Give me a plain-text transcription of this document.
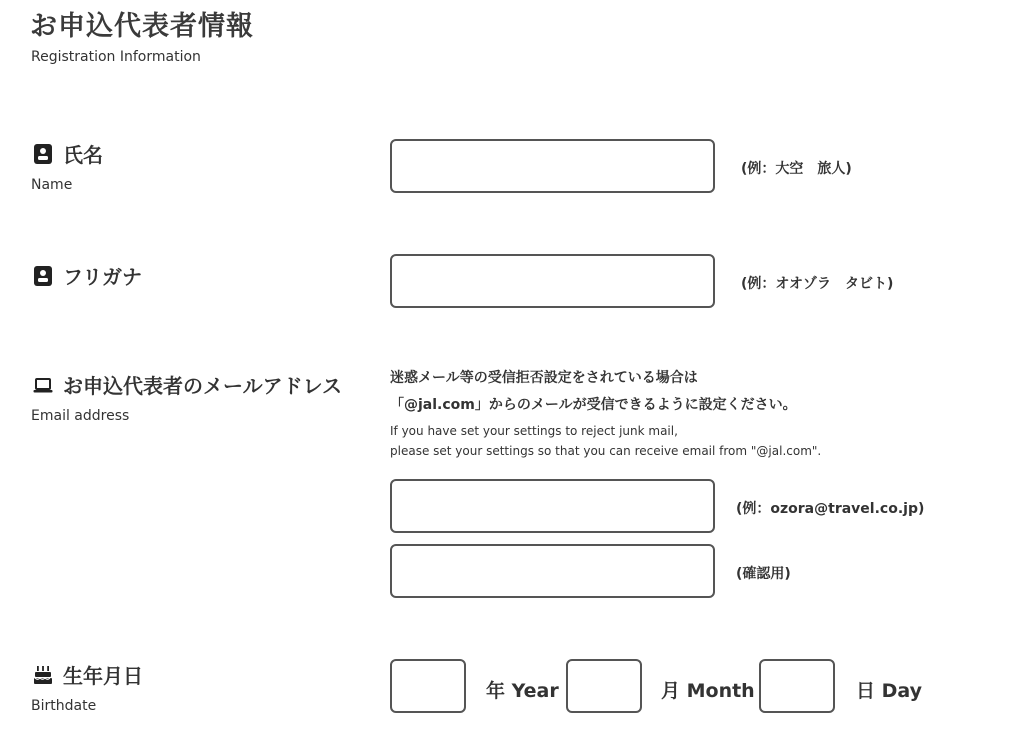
お申込代表者情報
Registration Information
氏名
Name
(例：大空　旅人)
フリガナ	(例：オオゾラ　タビト)
お申込代表者のメールアドレス
Email address
迷惑メール等の受信拒否設定をされている場合は
「@jal.com」からのメールが受信できるように設定ください。
If you have set your settings to reject junk mail,
please set your settings so that you can receive email from "@jal.com".
(例：ozora@travel.co.jp)
(確認用)
生年月日
Birthdate
年 Year	月 Month	日 Day
